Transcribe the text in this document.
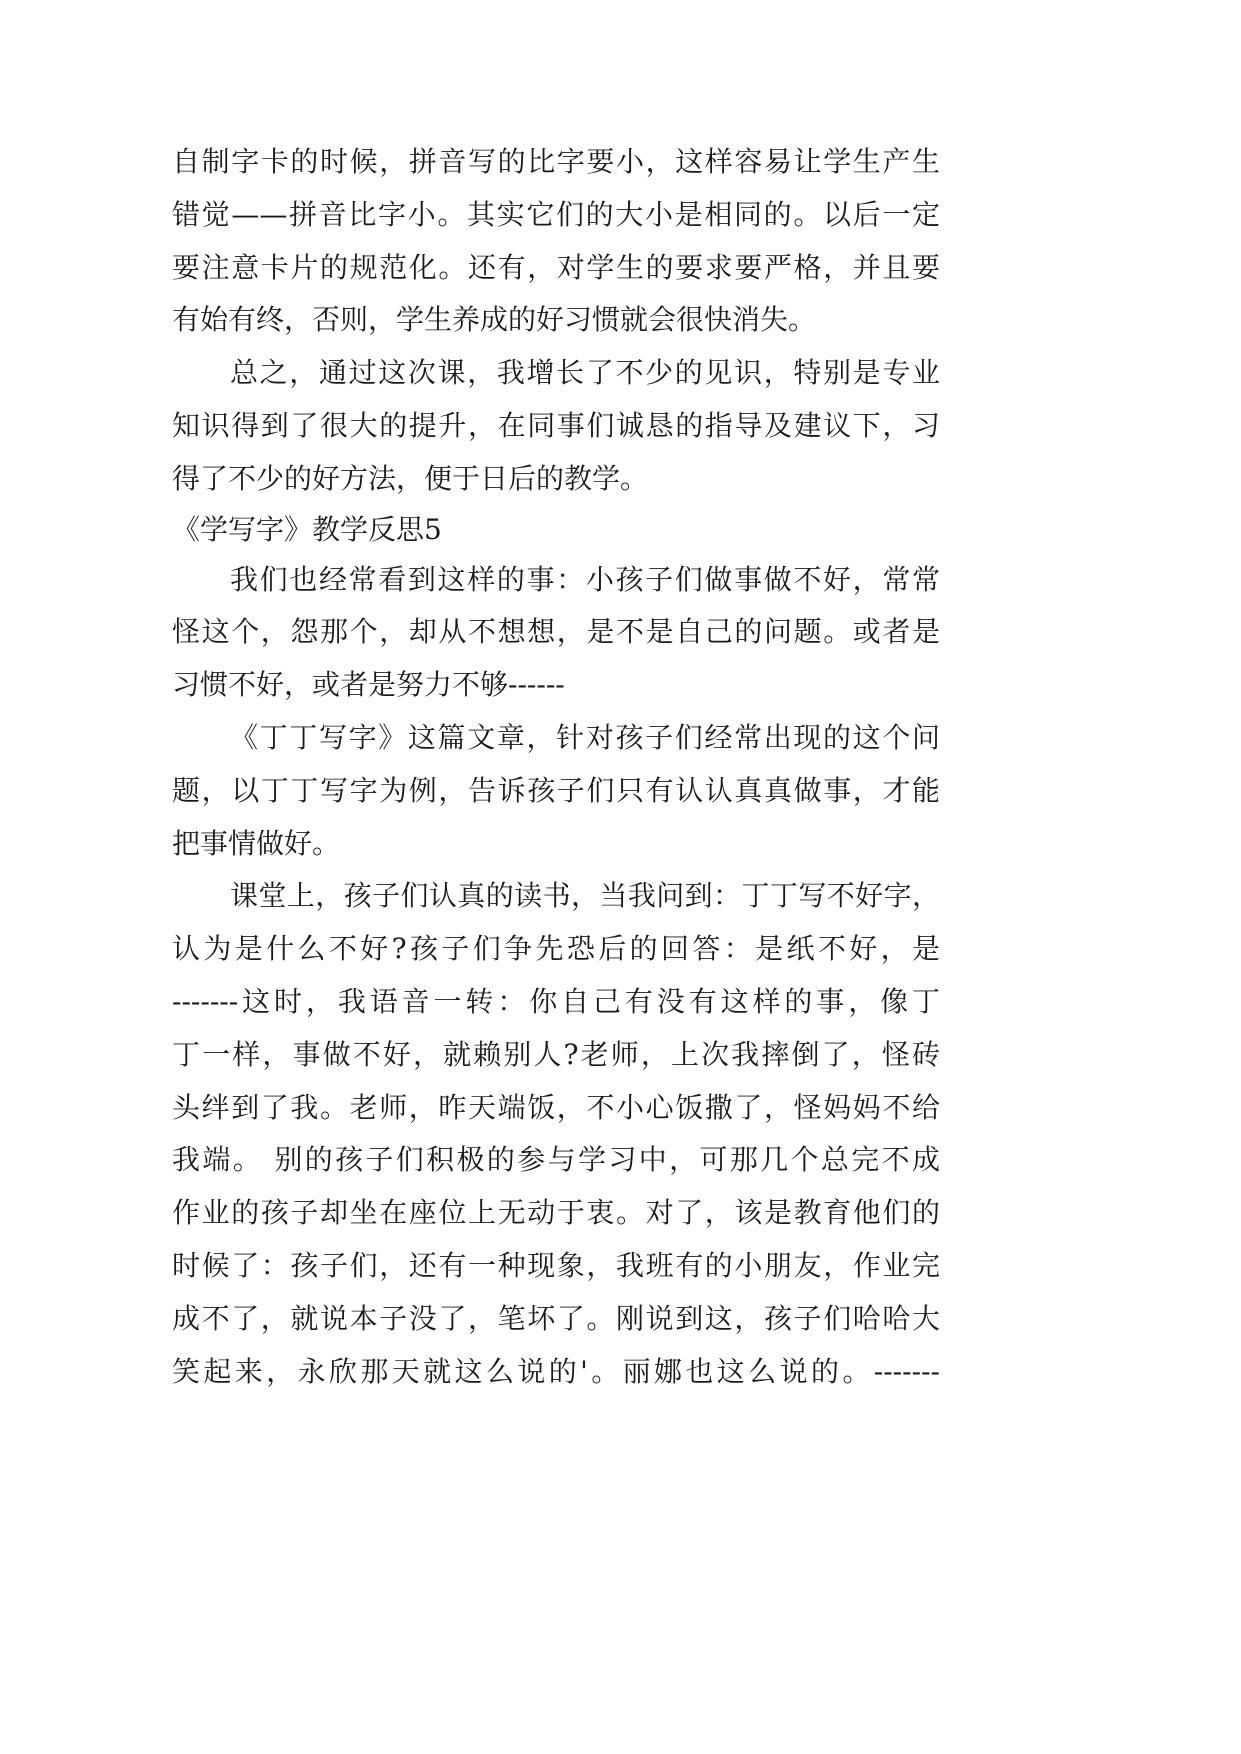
自制字卡的时候，拼音写的比字要小，这样容易让学生产生
错觉——拼音比字小。其实它们的大小是相同的。以后一定
要注意卡片的规范化。还有，对学生的要求要严格，并且要
有始有终，否则，学生养成的好习惯就会很快消失。
总之，通过这次课，我增长了不少的见识，特别是专业
知识得到了很大的提升，在同事们诚恳的指导及建议下，习
得了不少的好方法，便于日后的教学。
《学写字》教学反思5
我们也经常看到这样的事：小孩子们做事做不好，常常
怪这个，怨那个，却从不想想，是不是自己的问题。或者是
习惯不好，或者是努力不够------
《丁丁写字》这篇文章，针对孩子们经常出现的这个问
题，以丁丁写字为例，告诉孩子们只有认认真真做事，才能
把事情做好。
课堂上，孩子们认真的读书，当我问到：丁丁写不好字，
认为是什么不好?孩子们争先恐后的回答：是纸不好，是
-------这时，我语音一转：你自己有没有这样的事，像丁
丁一样，事做不好，就赖别人?老师，上次我摔倒了，怪砖
头绊到了我。老师，昨天端饭，不小心饭撒了，怪妈妈不给
我端。 别的孩子们积极的参与学习中，可那几个总完不成
作业的孩子却坐在座位上无动于衷。对了，该是教育他们的
时候了：孩子们，还有一种现象，我班有的小朋友，作业完
成不了，就说本子没了，笔坏了。刚说到这，孩子们哈哈大
笑起来，永欣那天就这么说的'。丽娜也这么说的。-------
